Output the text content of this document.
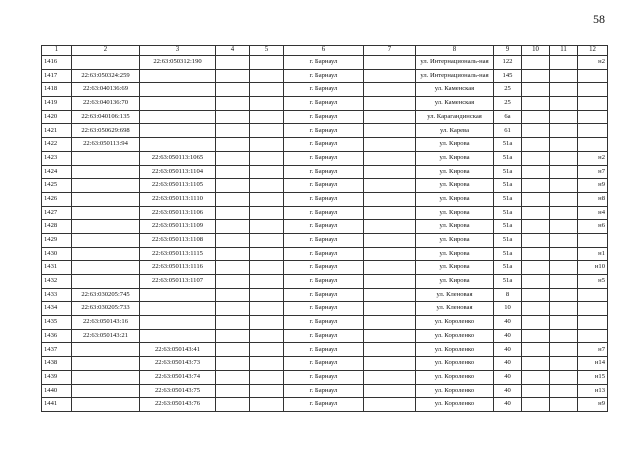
58
1	2	3	4	5	6	7	8	9	10	11	12
1416		22:63:050312:190			г. Барнаул		ул. Интернациональ-ная	122			н2
1417	22:63:050324:259				г. Барнаул		ул. Интернациональ-ная	145			
1418	22:63:040136:69				г. Барнаул		ул. Каменская	25			
1419	22:63:040136:70				г. Барнаул		ул. Каменская	25			
1420	22:63:040106:135				г. Барнаул		ул. Карагандинская	6а			
1421	22:63:050629:698				г. Барнаул		ул. Карева	61			
1422	22:63:050113:94				г. Барнаул		ул. Кирова	51а			
1423		22:63:050113:1065			г. Барнаул		ул. Кирова	51а			н2
1424		22:63:050113:1104			г. Барнаул		ул. Кирова	51а			н7
1425		22:63:050113:1105			г. Барнаул		ул. Кирова	51а			н9
1426		22:63:050113:1110			г. Барнаул		ул. Кирова	51а			н8
1427		22:63:050113:1106			г. Барнаул		ул. Кирова	51а			н4
1428		22:63:050113:1109			г. Барнаул		ул. Кирова	51а			н6
1429		22:63:050113:1108			г. Барнаул		ул. Кирова	51а			
1430		22:63:050113:1115			г. Барнаул		ул. Кирова	51а			н1
1431		22:63:050113:1116			г. Барнаул		ул. Кирова	51а			н10
1432		22:63:050113:1107			г. Барнаул		ул. Кирова	51а			н5
1433	22:63:030205:745				г. Барнаул		ул. Кленовая	8			
1434	22:63:030205:733				г. Барнаул		ул. Кленовая	10			
1435	22:63:050143:16				г. Барнаул		ул. Короленко	40			
1436	22:63:050143:21				г. Барнаул		ул. Короленко	40			
1437		22:63:050143:41			г. Барнаул		ул. Короленко	40			н7
1438		22:63:050143:73			г. Барнаул		ул. Короленко	40			н14
1439		22:63:050143:74			г. Барнаул		ул. Короленко	40			н15
1440		22:63:050143:75			г. Барнаул		ул. Короленко	40			н13
1441		22:63:050143:76			г. Барнаул		ул. Короленко	40			н9
